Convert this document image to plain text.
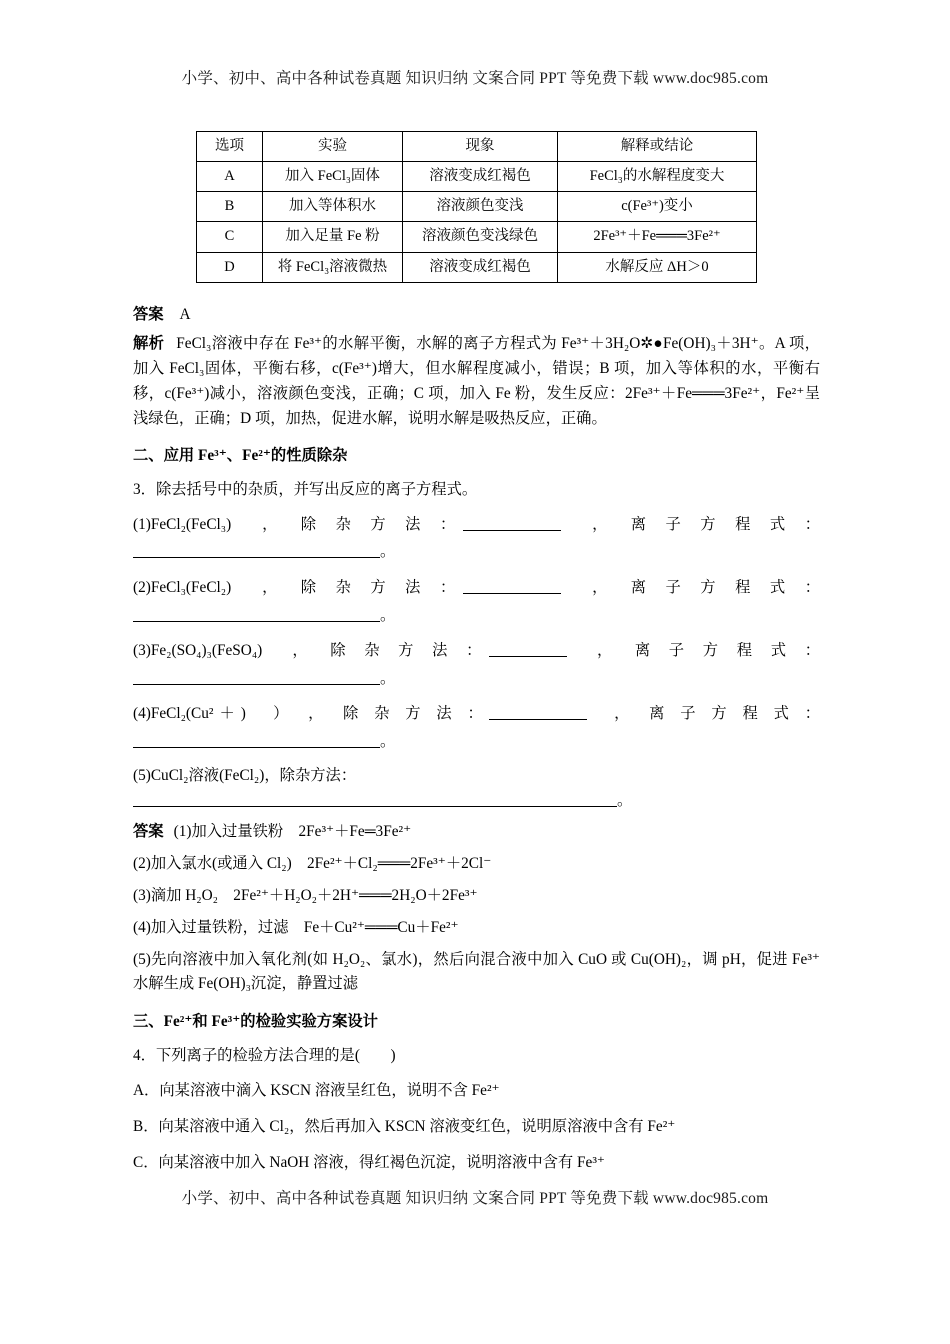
小学、初中、高中各种试卷真题 知识归纳 文案合同 PPT 等免费下载 www.doc985.com
选项	实验	现象	解释或结论
A	加入 FeCl₃固体	溶液变成红褐色	FeCl₃的水解程度变大
B	加入等体积水	溶液颜色变浅	c(Fe³⁺)变小
C	加入足量 Fe 粉	溶液颜色变浅绿色	2Fe³⁺＋Fe═══3Fe²⁺
D	将 FeCl₃溶液微热	溶液变成红褐色	水解反应 ΔH＞0
答案 A
解析 FeCl₃溶液中存在 Fe³⁺的水解平衡，水解的离子方程式为 Fe³⁺＋3H₂O✲●Fe(OH)₃＋3H⁺。A 项，加入 FeCl₃固体，平衡右移，c(Fe³⁺)增大，但水解程度减小，错误；B 项，加入等体积的水，平衡右移，c(Fe³⁺)减小，溶液颜色变浅，正确；C 项，加入 Fe 粉，发生反应：2Fe³⁺＋Fe═══3Fe²⁺，Fe²⁺呈浅绿色，正确；D 项，加热，促进水解，说明水解是吸热反应，正确。
二、应用 Fe³⁺、Fe²⁺的性质除杂
3．除去括号中的杂质，并写出反应的离子方程式。
(1)FeCl₂(FeCl₃)　，　除 杂 方 法 ：	　，　离 子 方 程 式 ：
。
(2)FeCl₃(FeCl₂)　，　除 杂 方 法 ：	　，　离 子 方 程 式 ：
。
(3)Fe₂(SO₄)₃(FeSO₄)　，　除 杂 方 法 ：	　，　离 子 方 程 式 ：
。
(4)FeCl₂(Cu²＋)　）　，　除 杂 方 法 ：	　，　离 子 方 程 式 ：
。
(5)CuCl₂溶液(FeCl₂)，除杂方法：。
答案 (1)加入过量铁粉　2Fe³⁺＋Fe═3Fe²⁺
(2)加入氯水(或通入 Cl₂)　2Fe²⁺＋Cl₂═══2Fe³⁺＋2Cl⁻
(3)滴加 H₂O₂　2Fe²⁺＋H₂O₂＋2H⁺═══2H₂O＋2Fe³⁺
(4)加入过量铁粉，过滤　Fe＋Cu²⁺═══Cu＋Fe²⁺
(5)先向溶液中加入氧化剂(如 H₂O₂、氯水)，然后向混合液中加入 CuO 或 Cu(OH)₂，调 pH，促进 Fe³⁺水解生成 Fe(OH)₃沉淀，静置过滤
三、Fe²⁺和 Fe³⁺的检验实验方案设计
4．下列离子的检验方法合理的是(　　)
A．向某溶液中滴入 KSCN 溶液呈红色，说明不含 Fe²⁺
B．向某溶液中通入 Cl₂，然后再加入 KSCN 溶液变红色，说明原溶液中含有 Fe²⁺
C．向某溶液中加入 NaOH 溶液，得红褐色沉淀，说明溶液中含有 Fe³⁺
小学、初中、高中各种试卷真题 知识归纳 文案合同 PPT 等免费下载 www.doc985.com
